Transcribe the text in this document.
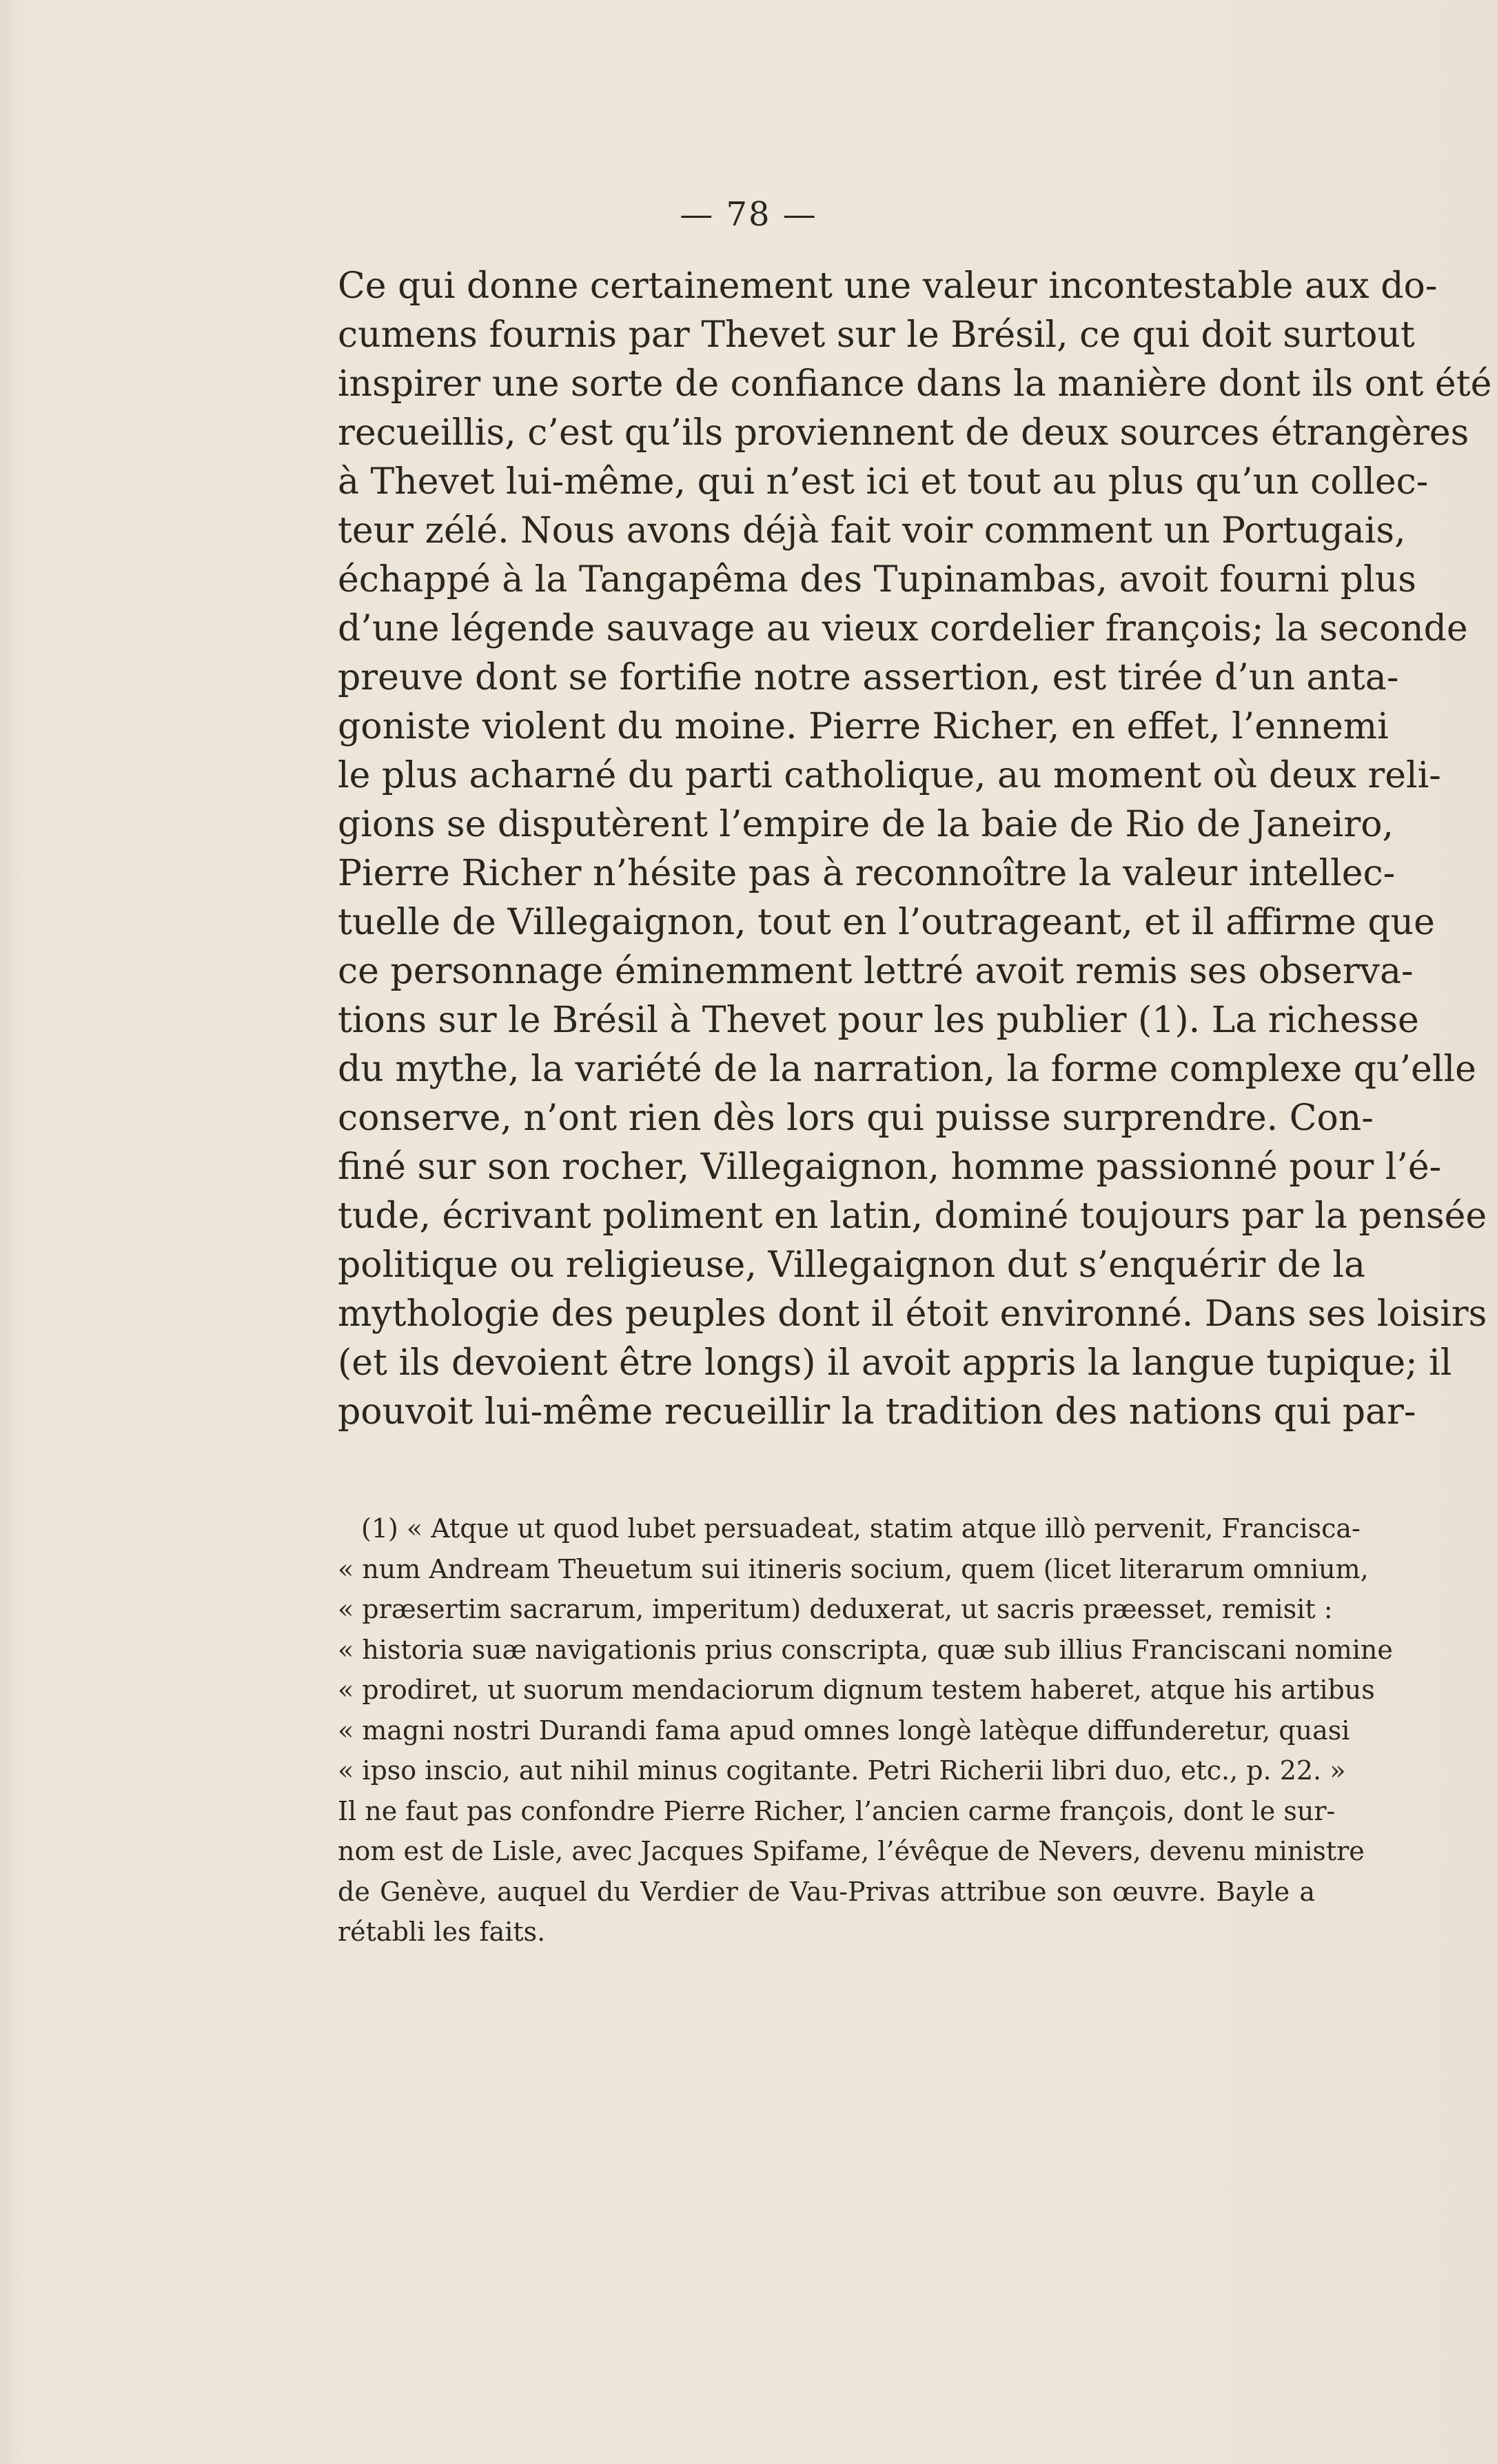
— 78 —
Ce qui donne certainement une valeur incontestable aux do-
cumens fournis par Thevet sur le Brésil, ce qui doit surtout
inspirer une sorte de confiance dans la manière dont ils ont été
recueillis, c’est qu’ils proviennent de deux sources étrangères
à Thevet lui-même, qui n’est ici et tout au plus qu’un collec-
teur zélé. Nous avons déjà fait voir comment un Portugais,
échappé à la Tangapêma des Tupinambas, avoit fourni plus
d’une légende sauvage au vieux cordelier françois; la seconde
preuve dont se fortifie notre assertion, est tirée d’un anta-
goniste violent du moine. Pierre Richer, en effet, l’ennemi
le plus acharné du parti catholique, au moment où deux reli-
gions se disputèrent l’empire de la baie de Rio de Janeiro,
Pierre Richer n’hésite pas à reconnoître la valeur intellec-
tuelle de Villegaignon, tout en l’outrageant, et il affirme que
ce personnage éminemment lettré avoit remis ses observa-
tions sur le Brésil à Thevet pour les publier (1). La richesse
du mythe, la variété de la narration, la forme complexe qu’elle
conserve, n’ont rien dès lors qui puisse surprendre. Con-
finé sur son rocher, Villegaignon, homme passionné pour l’é-
tude, écrivant poliment en latin, dominé toujours par la pensée
politique ou religieuse, Villegaignon dut s’enquérir de la
mythologie des peuples dont il étoit environné. Dans ses loisirs
(et ils devoient être longs) il avoit appris la langue tupique; il
pouvoit lui-même recueillir la tradition des nations qui par-
(1) « Atque ut quod lubet persuadeat, statim atque illò pervenit, Francisca-
« num Andream Theuetum sui itineris socium, quem (licet literarum omnium,
« præsertim sacrarum, imperitum) deduxerat, ut sacris præesset, remisit :
« historia suæ navigationis prius conscripta, quæ sub illius Franciscani nomine
« prodiret, ut suorum mendaciorum dignum testem haberet, atque his artibus
« magni nostri Durandi fama apud omnes longè latèque diffunderetur, quasi
« ipso inscio, aut nihil minus cogitante. Petri Richerii libri duo, etc., p. 22. »
Il ne faut pas confondre Pierre Richer, l’ancien carme françois, dont le sur-
nom est de Lisle, avec Jacques Spifame, l’évêque de Nevers, devenu ministre
de Genève, auquel du Verdier de Vau-Privas attribue son œuvre. Bayle a
rétabli les faits.
